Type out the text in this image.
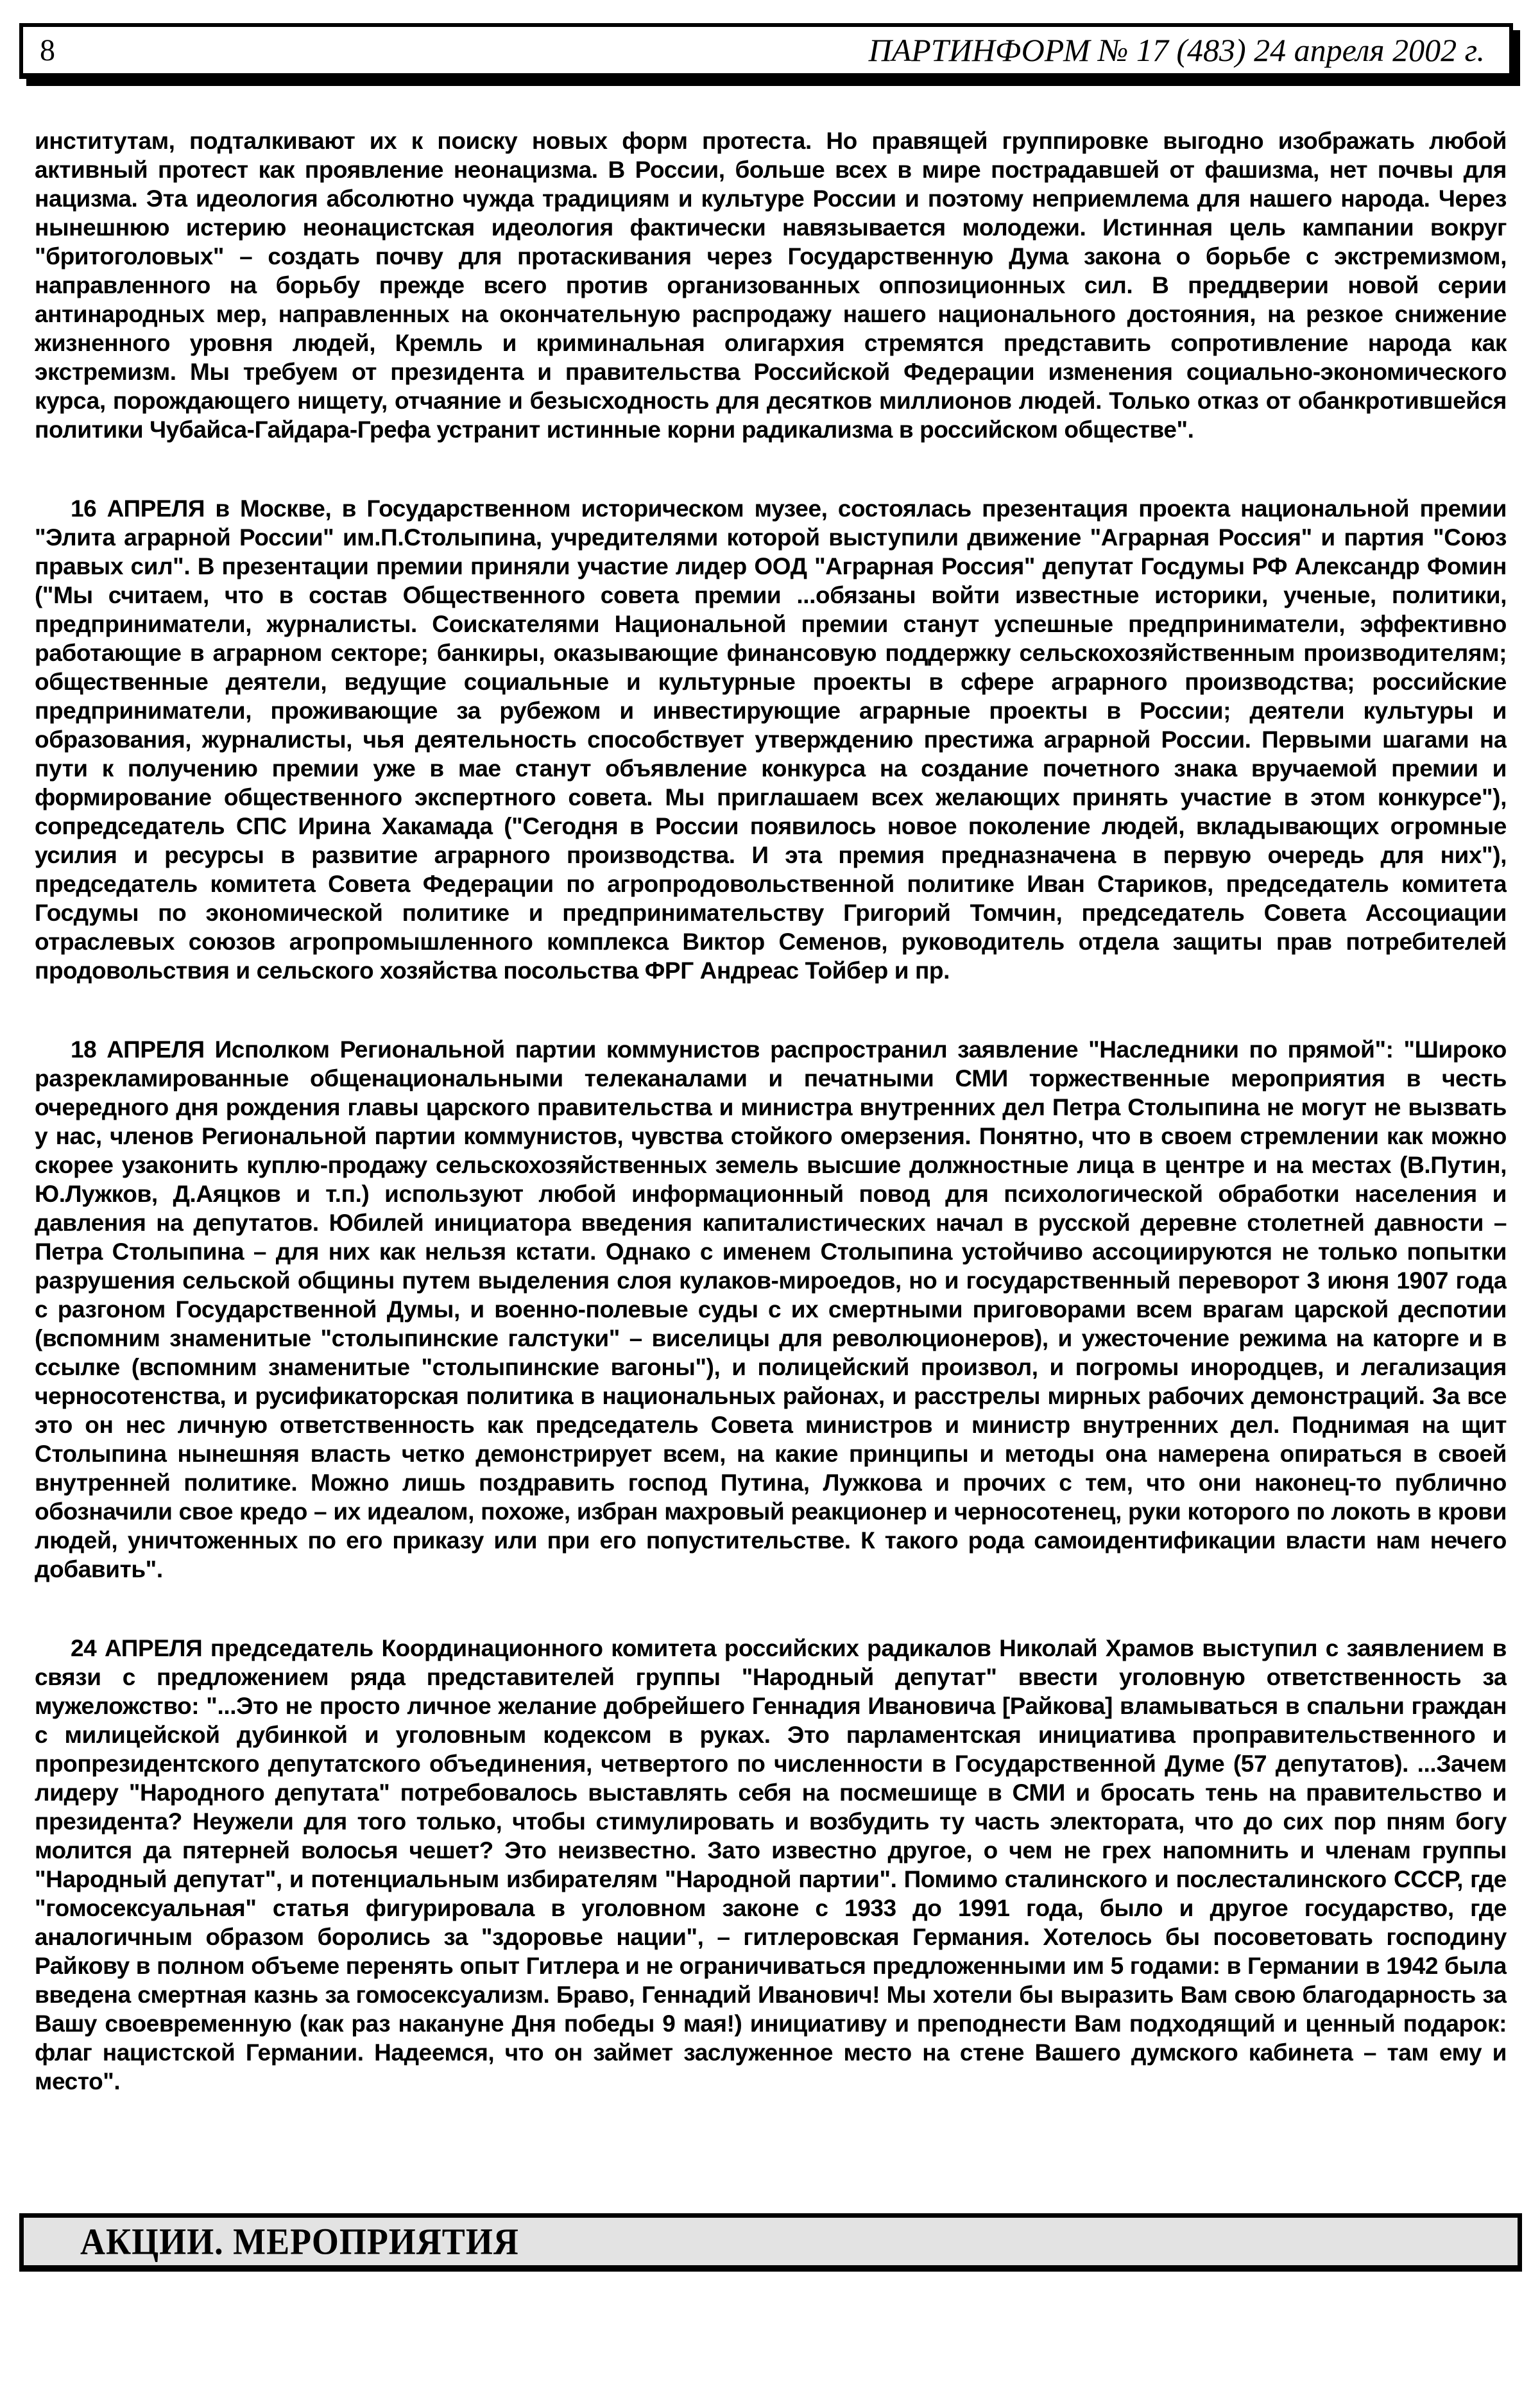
8	ПАРТИНФОРМ № 17 (483) 24 апреля 2002 г.

институтам, подталкивают их к поиску новых форм протеста. Но правящей группировке выгодно изображать любой активный протест как проявление неонацизма. В России, больше всех в мире пострадавшей от фашизма, нет почвы для нацизма. Эта идеология абсолютно чужда традициям и культуре России и поэтому неприемлема для нашего народа. Через нынешнюю истерию неонацистская идеология фактически навязывается молодежи. Истинная цель кампании вокруг "бритоголовых" – создать почву для протаскивания через Государственную Дума закона о борьбе с экстремизмом, направленного на борьбу прежде всего против организованных оппозиционных сил. В преддверии новой серии антинародных мер, направленных на окончательную распродажу нашего национального достояния, на резкое снижение жизненного уровня людей, Кремль и криминальная олигархия стремятся представить сопротивление народа как экстремизм. Мы требуем от президента и правительства Российской Федерации изменения социально-экономического курса, порождающего нищету, отчаяние и безысходность для десятков миллионов людей. Только отказ от обанкротившейся политики Чубайса-Гайдара-Грефа устранит истинные корни радикализма в российском обществе".

16 АПРЕЛЯ в Москве, в Государственном историческом музее, состоялась презентация проекта национальной премии "Элита аграрной России" им.П.Столыпина, учредителями которой выступили движение "Аграрная Россия" и партия "Союз правых сил". В презентации премии приняли участие лидер ООД "Аграрная Россия" депутат Госдумы РФ Александр Фомин ("Мы считаем, что в состав Общественного совета премии ...обязаны войти известные историки, ученые, политики, предприниматели, журналисты. Соискателями Национальной премии станут успешные предприниматели, эффективно работающие в аграрном секторе; банкиры, оказывающие финансовую поддержку сельскохозяйственным производителям; общественные деятели, ведущие социальные и культурные проекты в сфере аграрного производства; российские предприниматели, проживающие за рубежом и инвестирующие аграрные проекты в России; деятели культуры и образования, журналисты, чья деятельность способствует утверждению престижа аграрной России. Первыми шагами на пути к получению премии уже в мае станут объявление конкурса на создание почетного знака вручаемой премии и формирование общественного экспертного совета. Мы приглашаем всех желающих принять участие в этом конкурсе"), сопредседатель СПС Ирина Хакамада ("Сегодня в России появилось новое поколение людей, вкладывающих огромные усилия и ресурсы в развитие аграрного производства. И эта премия предназначена в первую очередь для них"), председатель комитета Совета Федерации по агропродовольственной политике Иван Стариков, председатель комитета Госдумы по экономической политике и предпринимательству Григорий Томчин, председатель Совета Ассоциации отраслевых союзов агропромышленного комплекса Виктор Семенов, руководитель отдела защиты прав потребителей продовольствия и сельского хозяйства посольства ФРГ Андреас Тойбер и пр.

18 АПРЕЛЯ Исполком Региональной партии коммунистов распространил заявление "Наследники по прямой": "Широко разрекламированные общенациональными телеканалами и печатными СМИ торжественные мероприятия в честь очередного дня рождения главы царского правительства и министра внутренних дел Петра Столыпина не могут не вызвать у нас, членов Региональной партии коммунистов, чувства стойкого омерзения. Понятно, что в своем стремлении как можно скорее узаконить куплю-продажу сельскохозяйственных земель высшие должностные лица в центре и на местах (В.Путин, Ю.Лужков, Д.Аяцков и т.п.) используют любой информационный повод для психологической обработки населения и давления на депутатов. Юбилей инициатора введения капиталистических начал в русской деревне столетней давности – Петра Столыпина – для них как нельзя кстати. Однако с именем Столыпина устойчиво ассоциируются не только попытки разрушения сельской общины путем выделения слоя кулаков-мироедов, но и государственный переворот 3 июня 1907 года с разгоном Государственной Думы, и военно-полевые суды с их смертными приговорами всем врагам царской деспотии (вспомним знаменитые "столыпинские галстуки" – виселицы для революционеров), и ужесточение режима на каторге и в ссылке (вспомним знаменитые "столыпинские вагоны"), и полицейский произвол, и погромы инородцев, и легализация черносотенства, и русификаторская политика в национальных районах, и расстрелы мирных рабочих демонстраций. За все это он нес личную ответственность как председатель Совета министров и министр внутренних дел. Поднимая на щит Столыпина нынешняя власть четко демонстрирует всем, на какие принципы и методы она намерена опираться в своей внутренней политике. Можно лишь поздравить господ Путина, Лужкова и прочих с тем, что они наконец-то публично обозначили свое кредо – их идеалом, похоже, избран махровый реакционер и черносотенец, руки которого по локоть в крови людей, уничтоженных по его приказу или при его попустительстве. К такого рода самоидентификации власти нам нечего добавить".

24 АПРЕЛЯ председатель Координационного комитета российских радикалов Николай Храмов выступил с заявлением в связи с предложением ряда представителей группы "Народный депутат" ввести уголовную ответственность за мужеложство: "...Это не просто личное желание добрейшего Геннадия Ивановича [Райкова] вламываться в спальни граждан с милицейской дубинкой и уголовным кодексом в руках. Это парламентская инициатива проправительственного и пропрезидентского депутатского объединения, четвертого по численности в Государственной Думе (57 депутатов). ...Зачем лидеру "Народного депутата" потребовалось выставлять себя на посмешище в СМИ и бросать тень на правительство и президента? Неужели для того только, чтобы стимулировать и возбудить ту часть электората, что до сих пор пням богу молится да пятерней волосья чешет? Это неизвестно. Зато известно другое, о чем не грех напомнить и членам группы "Народный депутат", и потенциальным избирателям "Народной партии". Помимо сталинского и послесталинского СССР, где "гомосексуальная" статья фигурировала в уголовном законе с 1933 до 1991 года, было и другое государство, где аналогичным образом боролись за "здоровье нации", – гитлеровская Германия. Хотелось бы посоветовать господину Райкову в полном объеме перенять опыт Гитлера и не ограничиваться предложенными им 5 годами: в Германии в 1942 была введена смертная казнь за гомосексуализм. Браво, Геннадий Иванович! Мы хотели бы выразить Вам свою благодарность за Вашу своевременную (как раз накануне Дня победы 9 мая!) инициативу и преподнести Вам подходящий и ценный подарок: флаг нацистской Германии. Надеемся, что он займет заслуженное место на стене Вашего думского кабинета – там ему и место".

АКЦИИ. МЕРОПРИЯТИЯ
